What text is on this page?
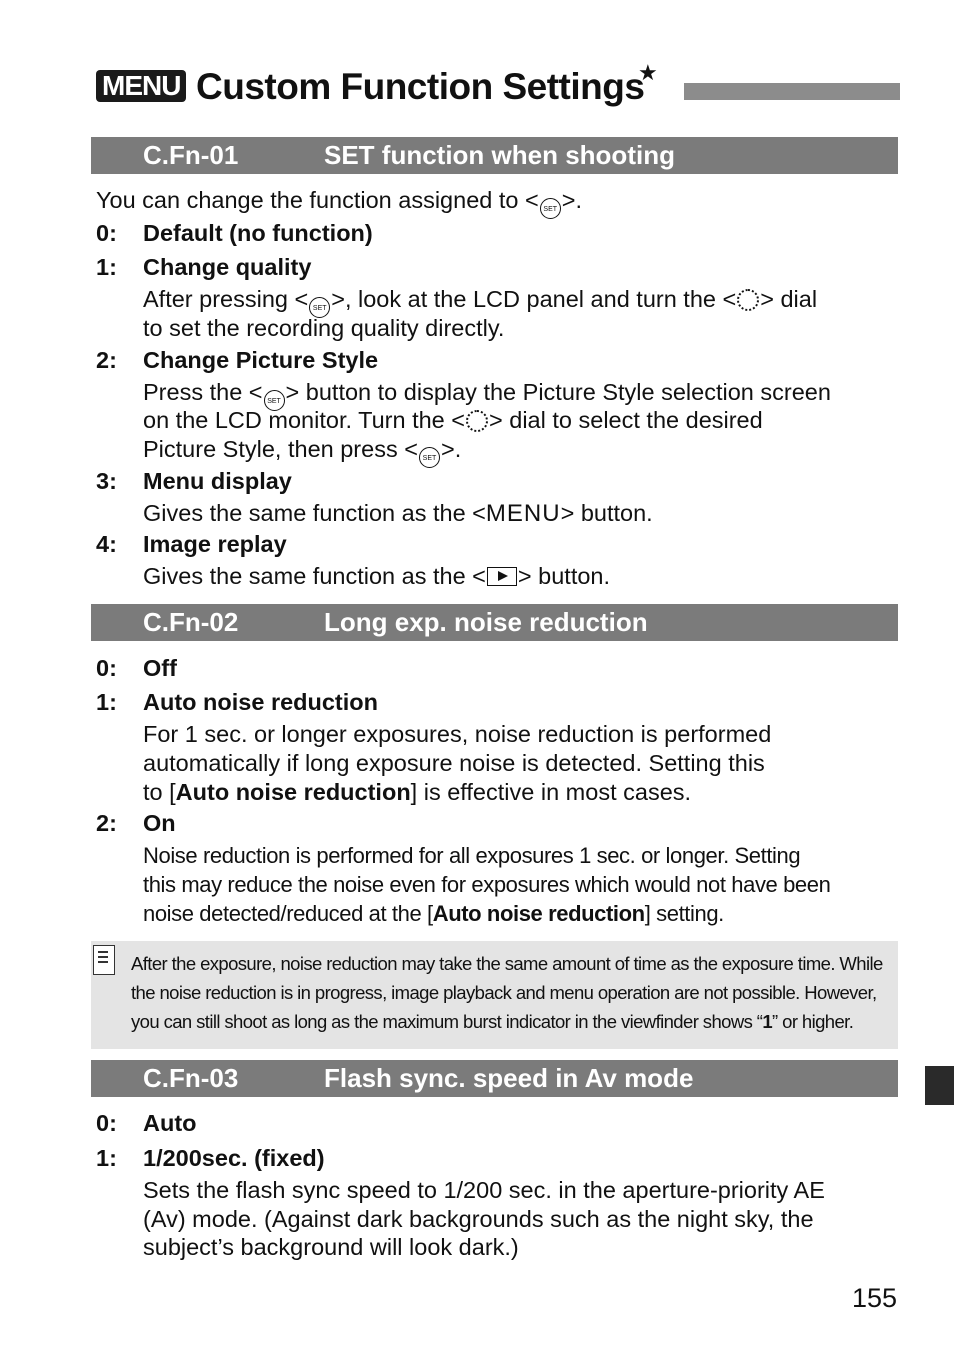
MENU Custom Function Settings
★
C.Fn-01	SET function when shooting
You can change the function assigned to < SET >.
0: Default (no function)
1: Change quality
After pressing < SET >, look at the LCD panel and turn the < > dial
to set the recording quality directly.
2: Change Picture Style
Press the < SET > button to display the Picture Style selection screen
on the LCD monitor. Turn the < > dial to select the desired
Picture Style, then press < SET >.
3: Menu display
Gives the same function as the <MENU> button.
4: Image replay
Gives the same function as the < > button.
C.Fn-02	Long exp. noise reduction
0: Off
1: Auto noise reduction
For 1 sec. or longer exposures, noise reduction is performed
automatically if long exposure noise is detected. Setting this
to [Auto noise reduction] is effective in most cases.
2: On
Noise reduction is performed for all exposures 1 sec. or longer. Setting
this may reduce the noise even for exposures which would not have been
noise detected/reduced at the [Auto noise reduction] setting.
After the exposure, noise reduction may take the same amount of time as the exposure time. While
the noise reduction is in progress, image playback and menu operation are not possible. However,
you can still shoot as long as the maximum burst indicator in the viewfinder shows “1” or higher.
C.Fn-03	Flash sync. speed in Av mode
0: Auto
1: 1/200sec. (fixed)
Sets the flash sync speed to 1/200 sec. in the aperture-priority AE
(Av) mode. (Against dark backgrounds such as the night sky, the
subject’s background will look dark.)
155
